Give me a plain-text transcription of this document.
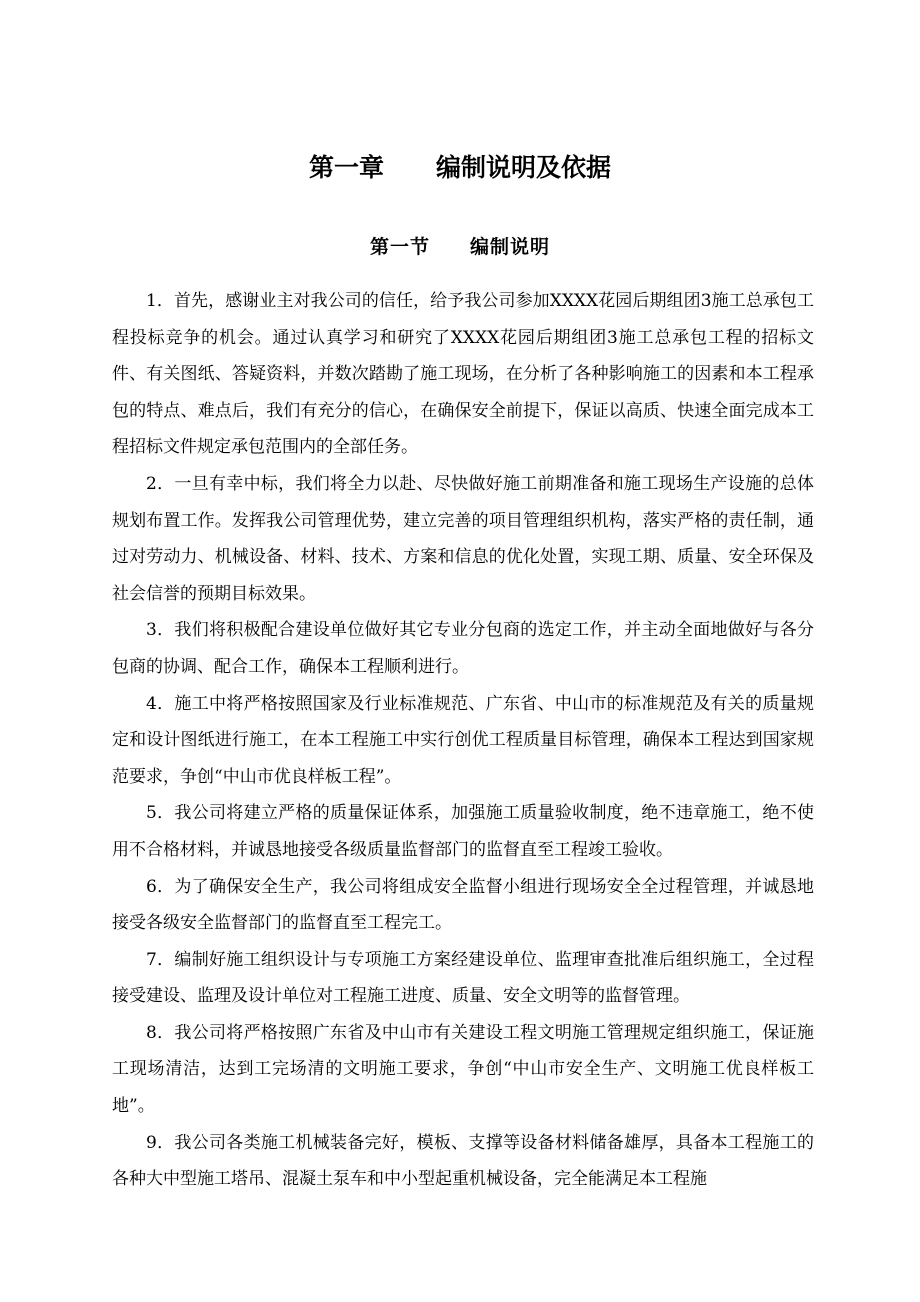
第一章 编制说明及依据
第一节 编制说明

1．首先，感谢业主对我公司的信任，给予我公司参加XXXX花园后期组团3施工总承包工程投标竞争的机会。通过认真学习和研究了XXXX花园后期组团3施工总承包工程的招标文件、有关图纸、答疑资料，并数次踏勘了施工现场，在分析了各种影响施工的因素和本工程承包的特点、难点后，我们有充分的信心，在确保安全前提下，保证以高质、快速全面完成本工程招标文件规定承包范围内的全部任务。

2．一旦有幸中标，我们将全力以赴、尽快做好施工前期准备和施工现场生产设施的总体规划布置工作。发挥我公司管理优势，建立完善的项目管理组织机构，落实严格的责任制，通过对劳动力、机械设备、材料、技术、方案和信息的优化处置，实现工期、质量、安全环保及社会信誉的预期目标效果。

3．我们将积极配合建设单位做好其它专业分包商的选定工作，并主动全面地做好与各分包商的协调、配合工作，确保本工程顺利进行。

4．施工中将严格按照国家及行业标准规范、广东省、中山市的标准规范及有关的质量规定和设计图纸进行施工，在本工程施工中实行创优工程质量目标管理，确保本工程达到国家规范要求，争创“中山市优良样板工程”。

5．我公司将建立严格的质量保证体系，加强施工质量验收制度，绝不违章施工，绝不使用不合格材料，并诚恳地接受各级质量监督部门的监督直至工程竣工验收。

6．为了确保安全生产，我公司将组成安全监督小组进行现场安全全过程管理，并诚恳地接受各级安全监督部门的监督直至工程完工。

7．编制好施工组织设计与专项施工方案经建设单位、监理审查批准后组织施工，全过程接受建设、监理及设计单位对工程施工进度、质量、安全文明等的监督管理。

8．我公司将严格按照广东省及中山市有关建设工程文明施工管理规定组织施工，保证施工现场清洁，达到工完场清的文明施工要求，争创“中山市安全生产、文明施工优良样板工地”。

9．我公司各类施工机械装备完好，模板、支撑等设备材料储备雄厚，具备本工程施工的各种大中型施工塔吊、混凝土泵车和中小型起重机械设备，完全能满足本工程施
